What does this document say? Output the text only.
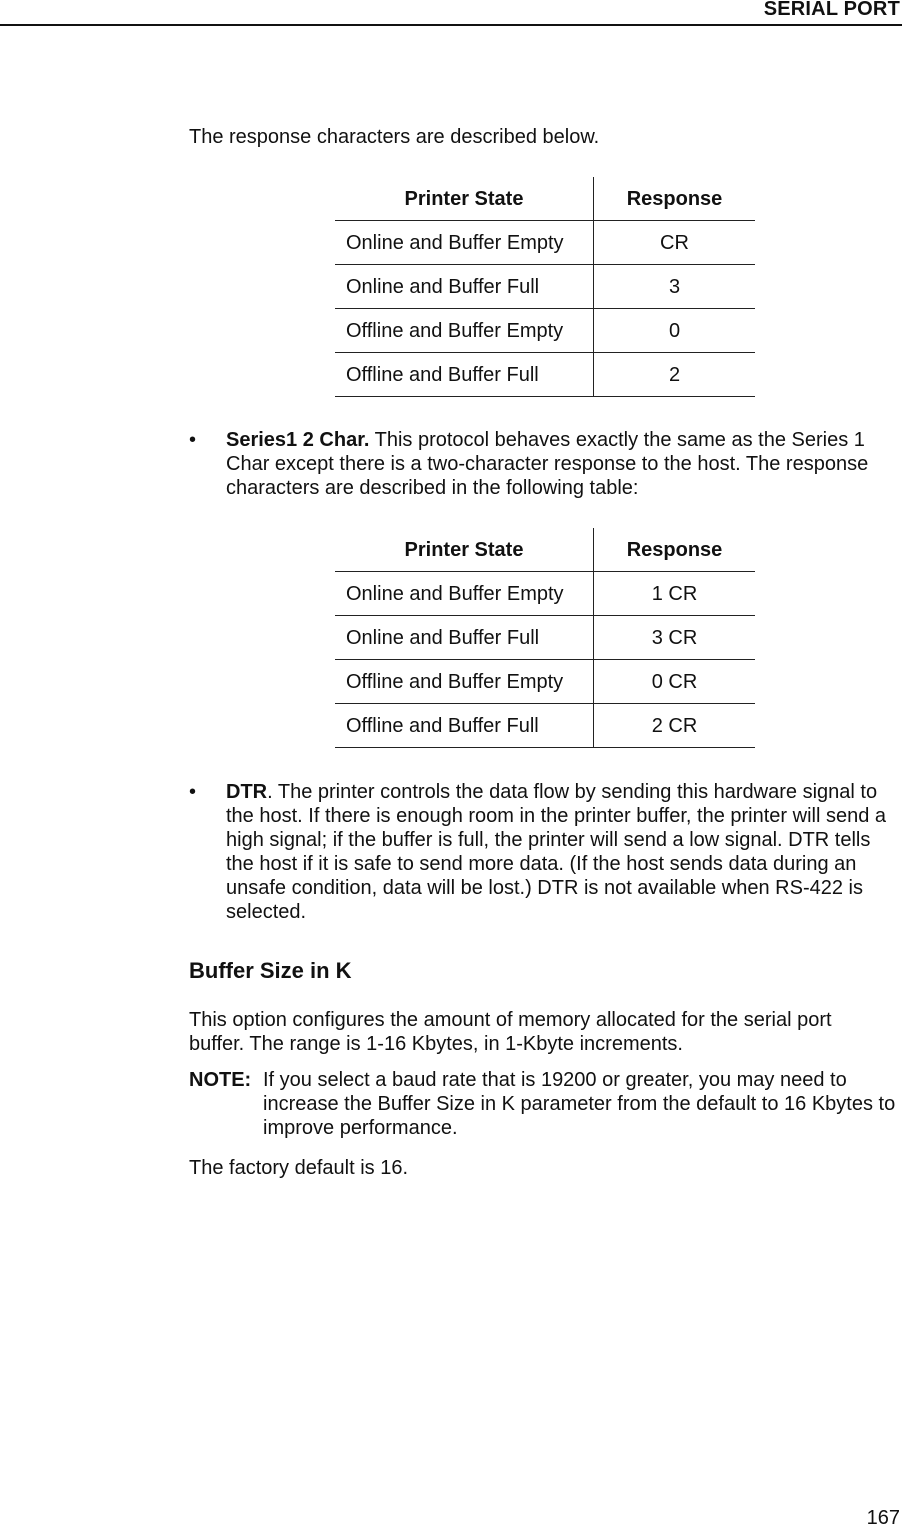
SERIAL PORT

The response characters are described below.

Printer State	Response
Online and Buffer Empty	CR
Online and Buffer Full	3
Offline and Buffer Empty	0
Offline and Buffer Full	2
• Series1 2 Char. This protocol behaves exactly the same as the Series 1 Char except there is a two-character response to the host. The response characters are described in the following table:

Printer State	Response
Online and Buffer Empty	1 CR
Online and Buffer Full	3 CR
Offline and Buffer Empty	0 CR
Offline and Buffer Full	2 CR
• DTR. The printer controls the data flow by sending this hardware signal to the host. If there is enough room in the printer buffer, the printer will send a high signal; if the buffer is full, the printer will send a low signal. DTR tells the host if it is safe to send more data. (If the host sends data during an unsafe condition, data will be lost.) DTR is not available when RS-422 is selected.

Buffer Size in K

This option configures the amount of memory allocated for the serial port buffer. The range is 1-16 Kbytes, in 1-Kbyte increments.

NOTE: If you select a baud rate that is 19200 or greater, you may need to increase the Buffer Size in K parameter from the default to 16 Kbytes to improve performance.

The factory default is 16.

167
